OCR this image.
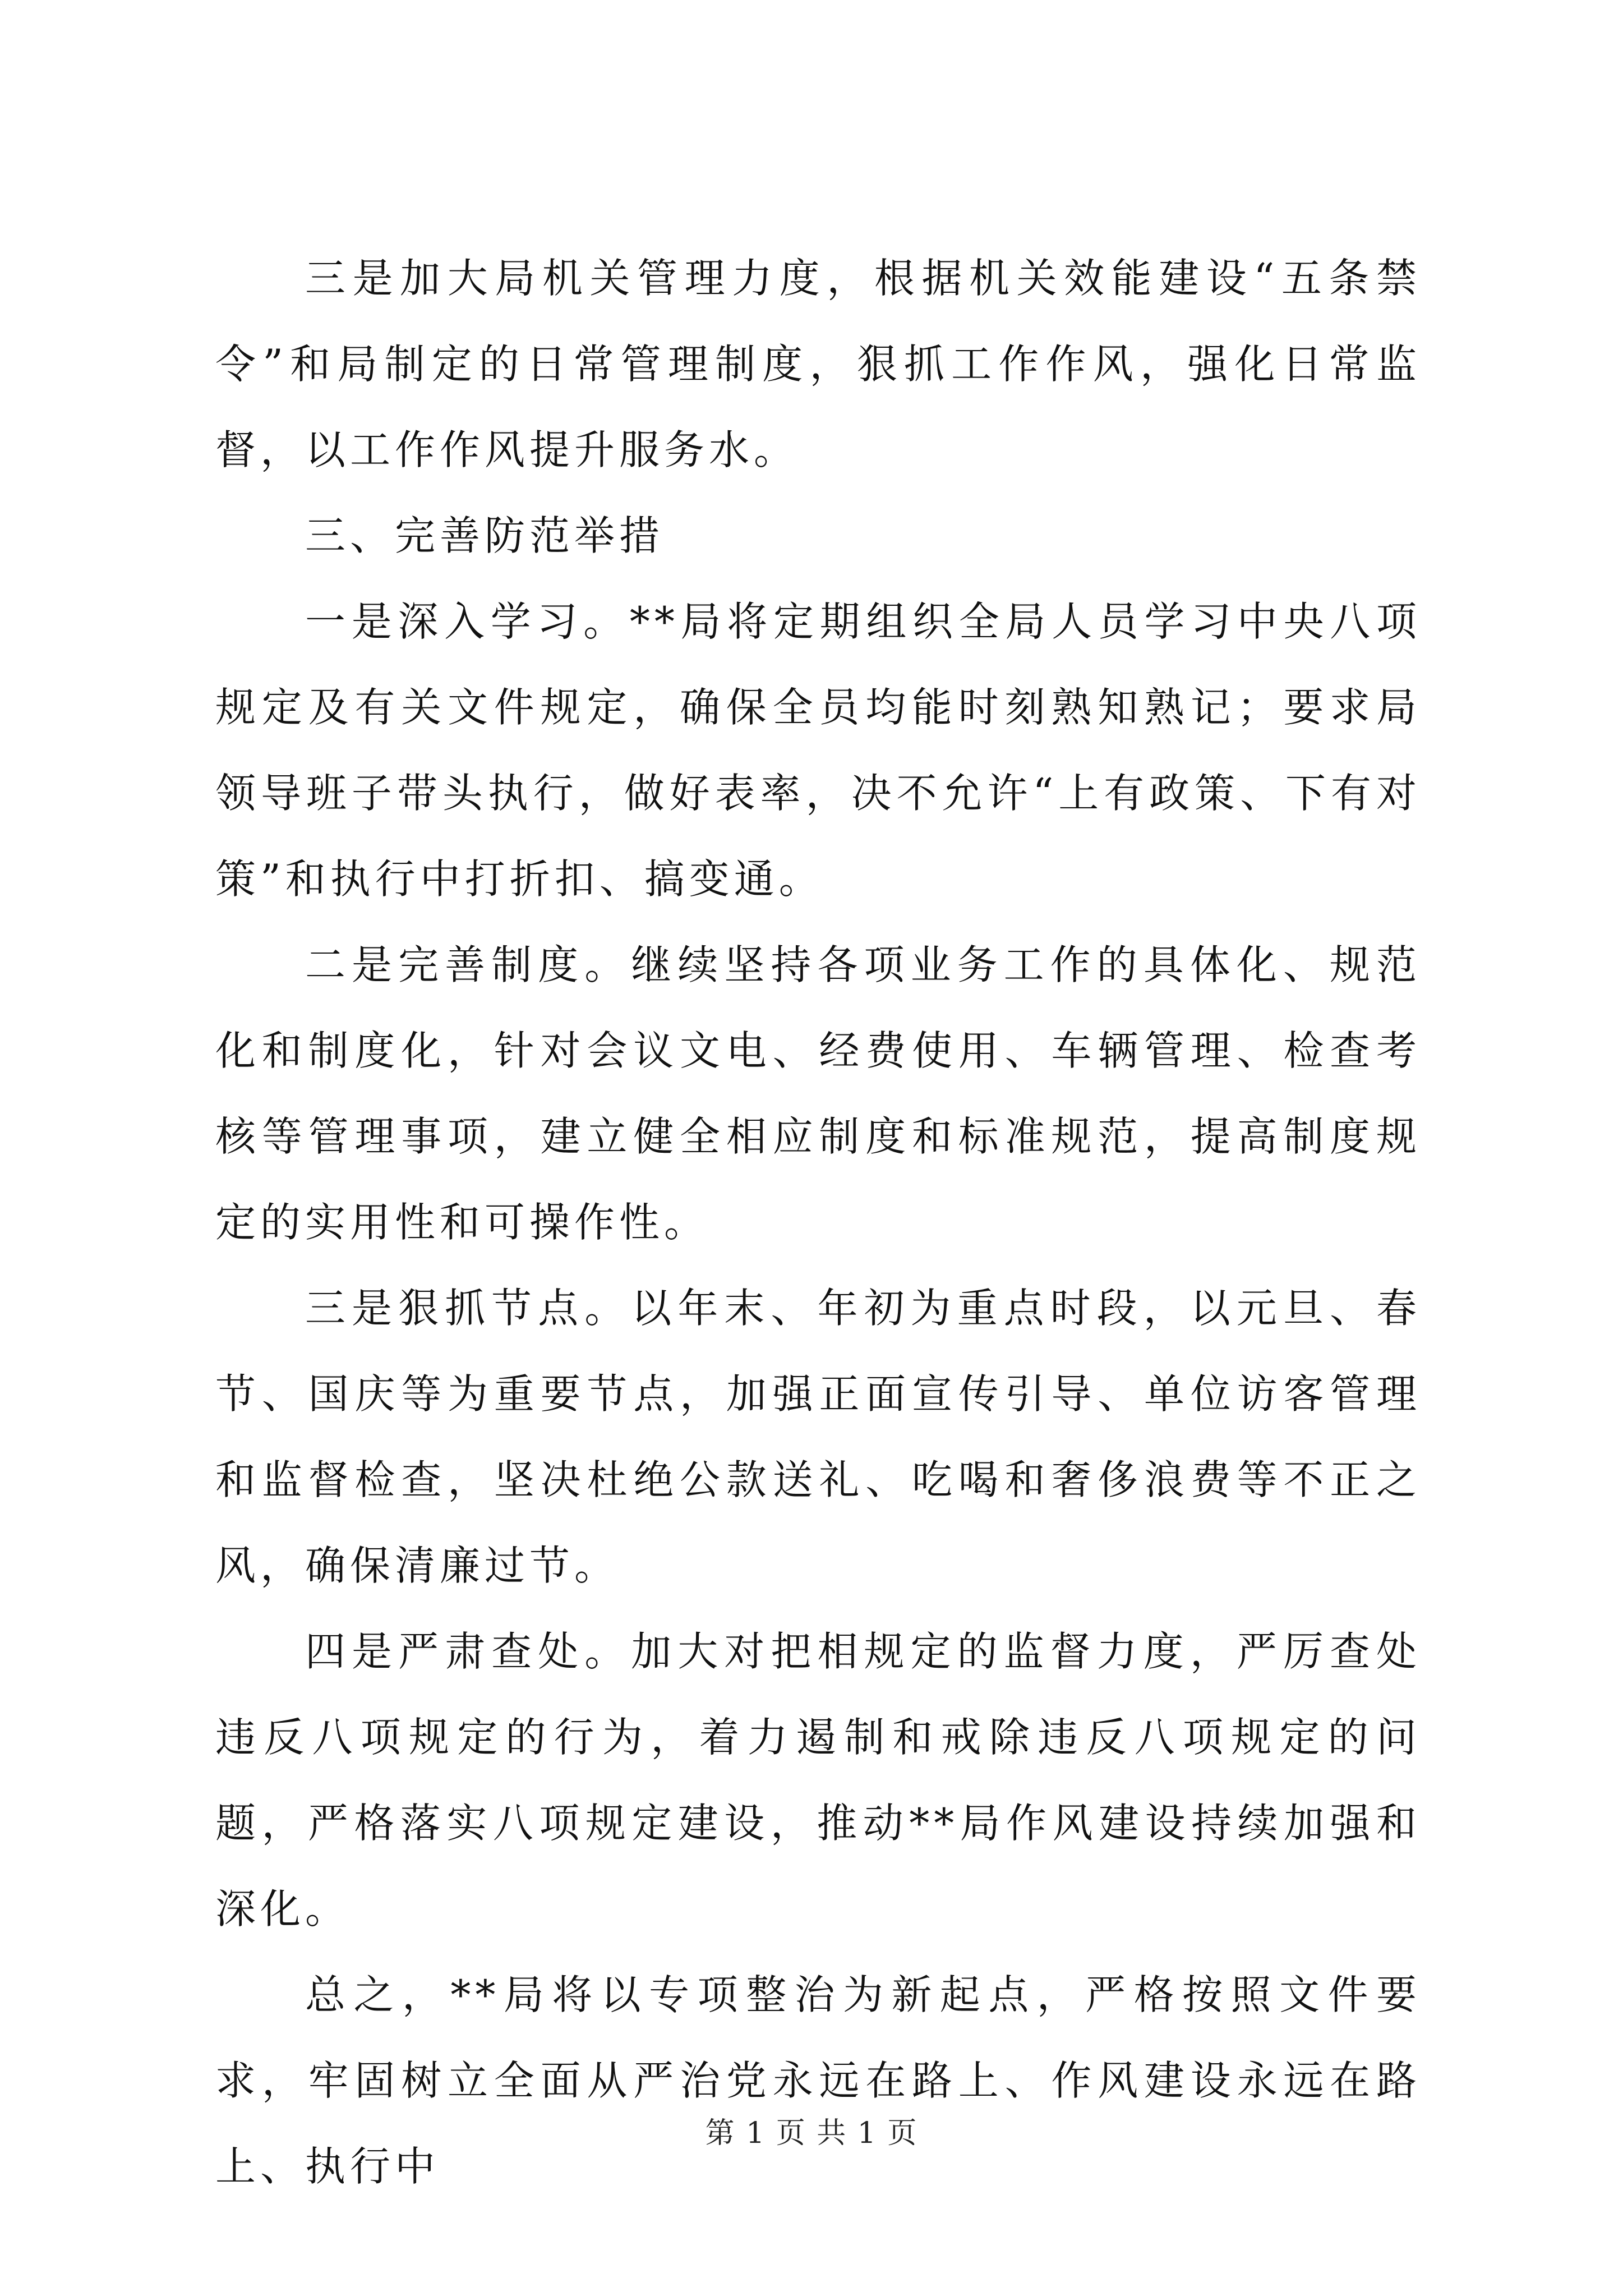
三是加大局机关管理力度，根据机关效能建设“五条禁令”和局制定的日常管理制度，狠抓工作作风，强化日常监督，以工作作风提升服务水。

三、完善防范举措

一是深入学习。**局将定期组织全局人员学习中央八项规定及有关文件规定，确保全员均能时刻熟知熟记；要求局领导班子带头执行，做好表率，决不允许“上有政策、下有对策”和执行中打折扣、搞变通。

二是完善制度。继续坚持各项业务工作的具体化、规范化和制度化，针对会议文电、经费使用、车辆管理、检查考核等管理事项，建立健全相应制度和标准规范，提高制度规定的实用性和可操作性。

三是狠抓节点。以年末、年初为重点时段，以元旦、春节、国庆等为重要节点，加强正面宣传引导、单位访客管理和监督检查，坚决杜绝公款送礼、吃喝和奢侈浪费等不正之风，确保清廉过节。

四是严肃查处。加大对把相规定的监督力度，严厉查处违反八项规定的行为，着力遏制和戒除违反八项规定的问题，严格落实八项规定建设，推动**局作风建设持续加强和深化。

总之，**局将以专项整治为新起点，严格按照文件要求，牢固树立全面从严治党永远在路上、作风建设永远在路上、执行中

第 1 页 共 1 页
